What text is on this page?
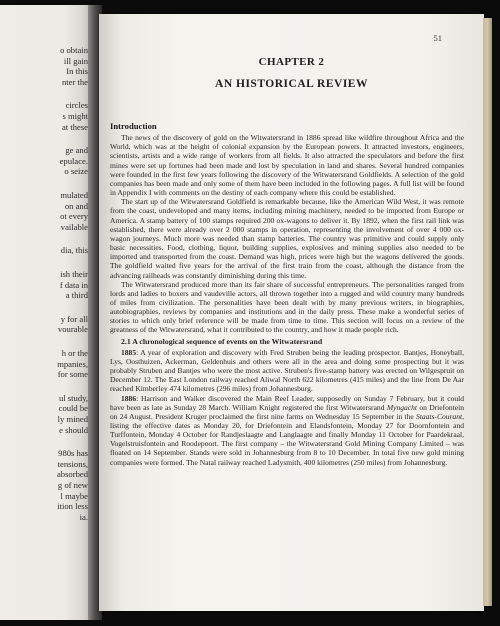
o obtain
ill gain
In this
nter the
circles
s might
at these
ge and
epulace.
o seize
mulated
on and
ot every
vailable
dia, this
ish their
f data in
a third
y for all
vourable
h or the
mpanies,
for some
ul study,
could be
ly mined
e should
980s has
tensions,
absorbed
g of new
l maybe
ition less
ia.
51
CHAPTER 2
AN HISTORICAL REVIEW
Introduction

The news of the discovery of gold on the Witwatersrand in 1886 spread like wildfire throughout Africa and the World, which was at the height of colonial expansion by the European powers. It attracted investors, engineers, scientists, artists and a wide range of workers from all fields. It also attracted the speculators and before the first mines were set up fortunes had been made and lost by speculation in land and shares. Several hundred companies were founded in the first few years following the discovery of the Witwatersrand Goldfields. A selection of the gold companies has been made and only some of them have been included in the following pages. A full list will be found in Appendix I with comments on the destiny of each company where this could be established.

The start up of the Witwatersrand Goldfield is remarkable because, like the American Wild West, it was remote from the coast, undeveloped and many items, including mining machinery, needed to be imported from Europe or America. A stamp battery of 100 stamps required 200 ox-wagons to deliver it. By 1892, when the first rail link was established, there were already over 2 000 stamps in operation, representing the involvement of over 4 000 ox-wagon journeys. Much more was needed than stamp batteries. The country was primitive and could supply only basic necessities. Food, clothing, liquor, building supplies, explosives and mining supplies also needed to be imported and transported from the coast. Demand was high, prices were high but the wagons delivered the goods. The goldfield waited five years for the arrival of the first train from the coast, although the distance from the advancing railheads was constantly diminishing during this time.

The Witwatersrand produced more than its fair share of successful entrepreneurs. The personalities ranged from lords and ladies to boxers and vaudeville actors, all thrown together into a rugged and wild country many hundreds of miles from civilization. The personalities have been dealt with by many previous writers, in biographies, autobiographies, reviews by companies and institutions and in the daily press. These make a wonderful series of stories to which only brief reference will be made from time to time. This section will focus on a review of the greatness of the Witwatersrand, what it contributed to the country, and how it made people rich.

2.1 A chronological sequence of events on the Witwatersrand

1885: A year of exploration and discovery with Fred Struben being the leading prospector. Bantjes, Honeyball, Lys, Oosthuizen, Ackerman, Geldenhuis and others were all in the area and doing some prospecting but it was probably Struben and Bantjes who were the most active. Struben's five-stamp battery was erected on Wilgespruit on December 12. The East London railway reached Aliwal North 622 kilometres (415 miles) and the line from De Aar reached Kimberley 474 kilometres (296 miles) from Johannesburg.

1886: Harrison and Walker discovered the Main Reef Leader, supposedly on Sunday 7 February, but it could have been as late as Sunday 28 March. William Knight registered the first Witwatersrand Myngacht on Driefontein on 24 August. President Kruger proclaimed the first nine farms on Wednesday 15 September in the Staats-Courant, listing the effective dates as Monday 20, for Driefontein and Elandsfontein, Monday 27 for Doornfontein and Turffontein, Monday 4 October for Randjeslaagte and Langlaagte and finally Monday 11 October for Paardekraal, Vogelstruisfontein and Roodepoort. The first company – the Witwatersrand Gold Mining Company Limited – was floated on 14 September. Stands were sold in Johannesburg from 8 to 10 December. In total five new gold mining companies were formed. The Natal railway reached Ladysmith, 400 kilometres (250 miles) from Johannesburg.
